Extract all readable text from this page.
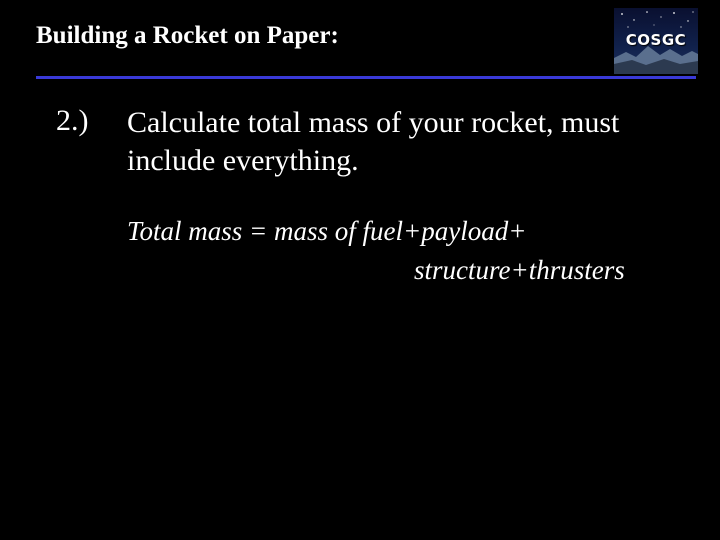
Building a Rocket on Paper:	COSGC
2.) Calculate total mass of your rocket, must include everything.
Total mass = mass of fuel+payload+
structure+thrusters
